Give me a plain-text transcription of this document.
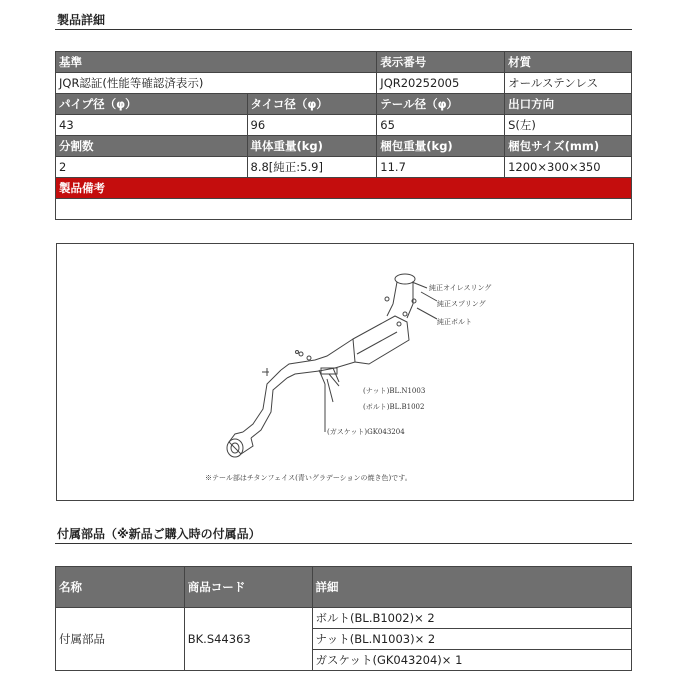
製品詳細
基準		表示番号	材質
JQR認証(性能等確認済表示)		JQR20252005	オールステンレス
パイプ径（φ）	タイコ径（φ）	テール径（φ）	出口方向
43	96	65	S(左)
分割数	単体重量(kg)	梱包重量(kg)	梱包サイズ(mm)
2	8.8[純正:5.9]	11.7	1200×300×350
製品備考			

純正オイレスリング
純正スプリング
純正ボルト
(ナット)BL.N1003
(ボルト)BL.B1002
(ガスケット)GK043204
※テール部はチタンフェイス(青いグラデーションの焼き色)です。
付属部品（※新品ご購入時の付属品）
名称	商品コード	詳細
付属部品	BK.S44363	ボルト(BL.B1002)× 2
		ナット(BL.N1003)× 2
		ガスケット(GK043204)× 1
